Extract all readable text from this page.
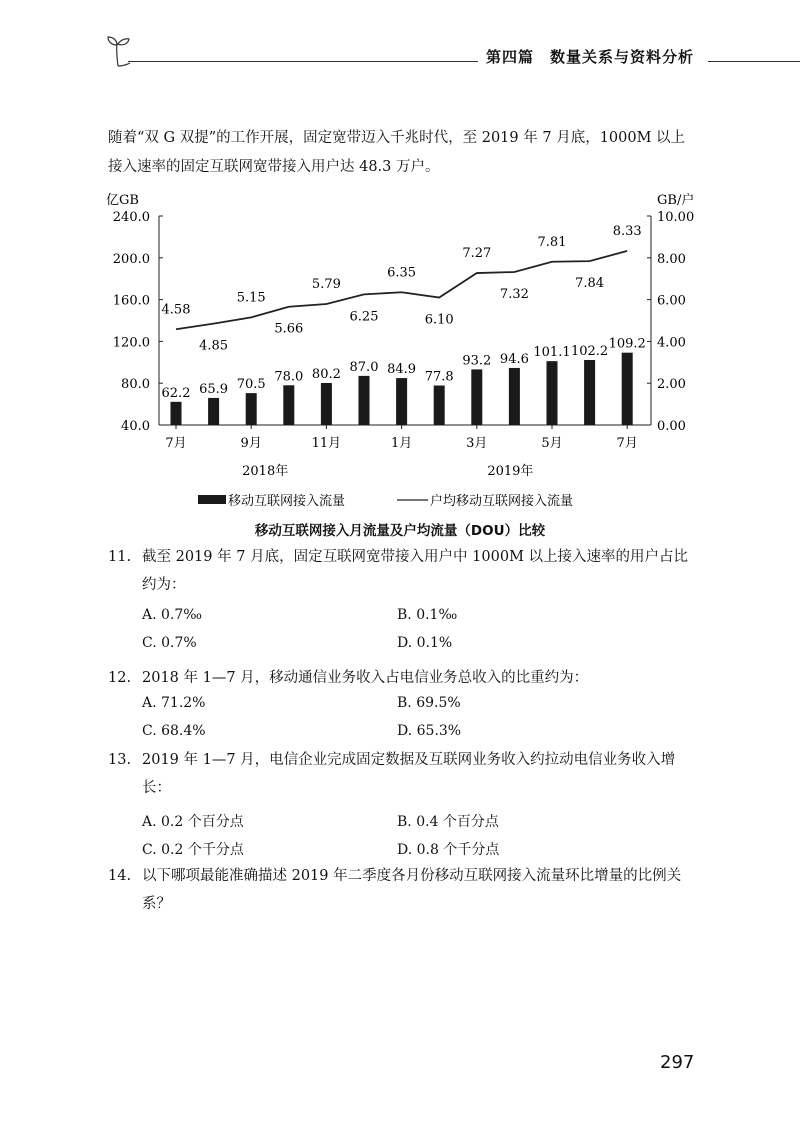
第四篇　数量关系与资料分析
随着“双 G 双提”的工作开展，固定宽带迈入千兆时代，至 2019 年 7 月底，1000M 以上接入速率的固定互联网宽带接入用户达 48.3 万户。
240.0
200.0
160.0
120.0
80.0
40.0
10.00
8.00
6.00
4.00
2.00
0.00
亿GB	GB/户
62.2 65.9 70.5
78.0 80.2 87.0 84.9 77.8
93.2 94.6 101.1 102.2 109.2
4.58
4.85
5.15
5.66
5.79
6.25
6.35
6.10
7.27
7.32
7.81
7.84
8.33
7月	9月	11月	1月	3月	5月	7月
2018年	2019年
移动互联网接入流量	户均移动互联网接入流量
移动互联网接入月流量及户均流量（DOU）比较
11. 截至 2019 年 7 月底，固定互联网宽带接入用户中 1000M 以上接入速率的用户占比约为：
A. 0.7‰	B. 0.1‰
C. 0.7%	D. 0.1%
12. 2018 年 1—7 月，移动通信业务收入占电信业务总收入的比重约为：
A. 71.2%	B. 69.5%
C. 68.4%	D. 65.3%
13. 2019 年 1—7 月，电信企业完成固定数据及互联网业务收入约拉动电信业务收入增长：
A. 0.2 个百分点	B. 0.4 个百分点
C. 0.2 个千分点	D. 0.8 个千分点
14. 以下哪项最能准确描述 2019 年二季度各月份移动互联网接入流量环比增量的比例关系？
297
